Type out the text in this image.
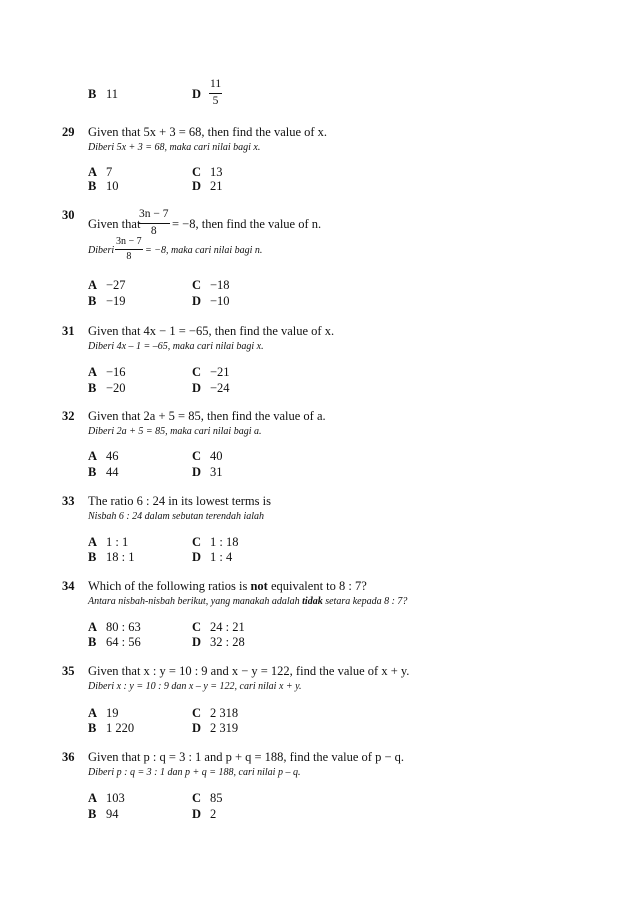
B 11	D $\frac{11}{5}$
29 Given that 5x + 3 = 68, then find the value of x.
Diberi 5x + 3 = 68, maka cari nilai bagi x.
A 7	C 13
B 10	D 21
30
Given that
$\frac{3n - 7}{8} = -8$, then find the value of n.
Diberi $\frac{3n - 7}{8} = -8$, maka cari nilai bagi n.
A −27	C −18
B −19	D −10
31 Given that 4x − 1 = −65, then find the value of x.
Diberi 4x – 1 = –65, maka cari nilai bagi x.
A −16	C −21
B −20	D −24
32 Given that 2a + 5 = 85, then find the value of a.
Diberi 2a + 5 = 85, maka cari nilai bagi a.
A 46	C 40
B 44	D 31
33 The ratio 6 : 24 in its lowest terms is
Nisbah 6 : 24 dalam sebutan terendah ialah
A 1 : 1	C 1 : 18
B 18 : 1	D 1 : 4
34 Which of the following ratios is not equivalent to 8 : 7?
Antara nisbah-nisbah berikut, yang manakah adalah tidak setara kepada 8 : 7?
A 80 : 63	C 24 : 21
B 64 : 56	D 32 : 28
35 Given that x : y = 10 : 9 and x − y = 122, find the value of x + y.
Diberi x : y = 10 : 9 dan x – y = 122, cari nilai x + y.
A 19	C 2 318
B 1 220	D 2 319
36 Given that p : q = 3 : 1 and p + q = 188, find the value of p − q.
Diberi p : q = 3 : 1 dan p + q = 188, cari nilai p – q.
A 103	C 85
B 94	D 2
